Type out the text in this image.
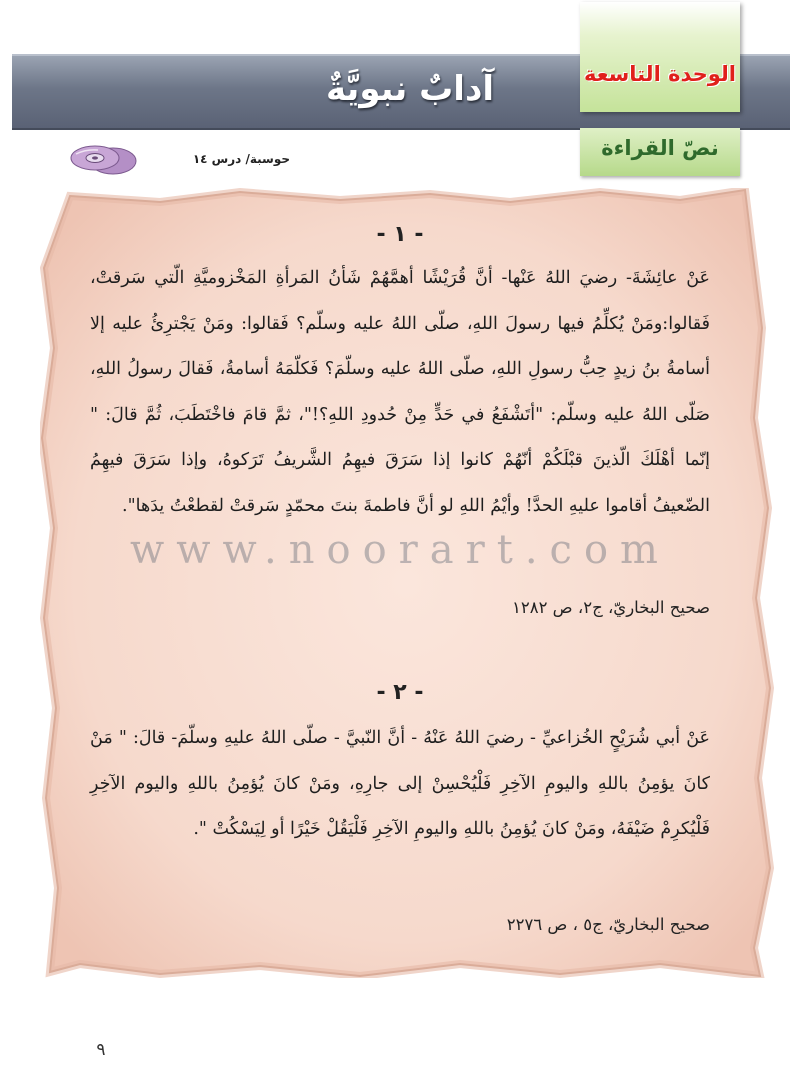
آدابٌ نبويَّةٌ	الوحدة التاسعة
نصّ القراءة
حوسبة/ درس ١٤
- ١ -
عَنْ عائِشَةَ- رضيَ اللهُ عَنْها- أنَّ قُرَيْشًا أهمَّهُمْ شَأنُ المَرأةِ المَخْزوميَّةِ الّتي سَرقتْ، فَقالوا:ومَنْ يُكلِّمُ فيها رسولَ اللهِ، صلّى اللهُ عليه وسلّم؟ فَقالوا: ومَنْ يَجْترِئُ عليه إلا أسامةُ بنُ زيدٍ حِبُّ رسولِ اللهِ، صلّى اللهُ عليه وسلّمَ؟ فَكلّمَهُ أسامةُ، فَقالَ رسولُ اللهِ، صَلّى اللهُ عليه وسلّم: "أتَشْفَعُ في حَدٍّ مِنْ حُدودِ اللهِ؟!"، ثمَّ قامَ فاخْتَطَبَ، ثُمَّ قالَ: " إنّما أهْلَكَ الّذينَ قبْلَكُمْ أنّهُمْ كانوا إذا سَرَقَ فيهِمُ الشَّريفُ تَرَكوهُ، وإذا سَرَقَ فيهِمُ الضّعيفُ أقاموا عليهِ الحدَّ! وأيْمُ اللهِ لو أنَّ فاطمةَ بنتَ محمّدٍ سَرقتْ لقطعْتُ يدَها".
صحيح البخاريّ، ج٢، ص ١٢٨٢
- ٢ -
عَنْ أبي شُرَيْحٍ الخُزاعيِّ - رضيَ اللهُ عَنْهُ - أنَّ النّبيَّ - صلّى اللهُ عليهِ وسلّمَ- قالَ: " مَنْ كانَ يؤمِنُ باللهِ واليومِ الآخِرِ فَلْيُحْسِنْ إلى جارِهِ، ومَنْ كانَ يُؤمِنُ باللهِ واليوم الآخِرِ فَلْيُكرِمْ ضَيْفَهُ، ومَنْ كانَ يُؤمِنُ باللهِ واليومِ الآخِرِ فَلْيَقُلْ خَيْرًا أو لِيَسْكُتْ ".
صحيح البخاريّ، ج٥ ، ص ٢٢٧٦
www.noorart.com
٩
